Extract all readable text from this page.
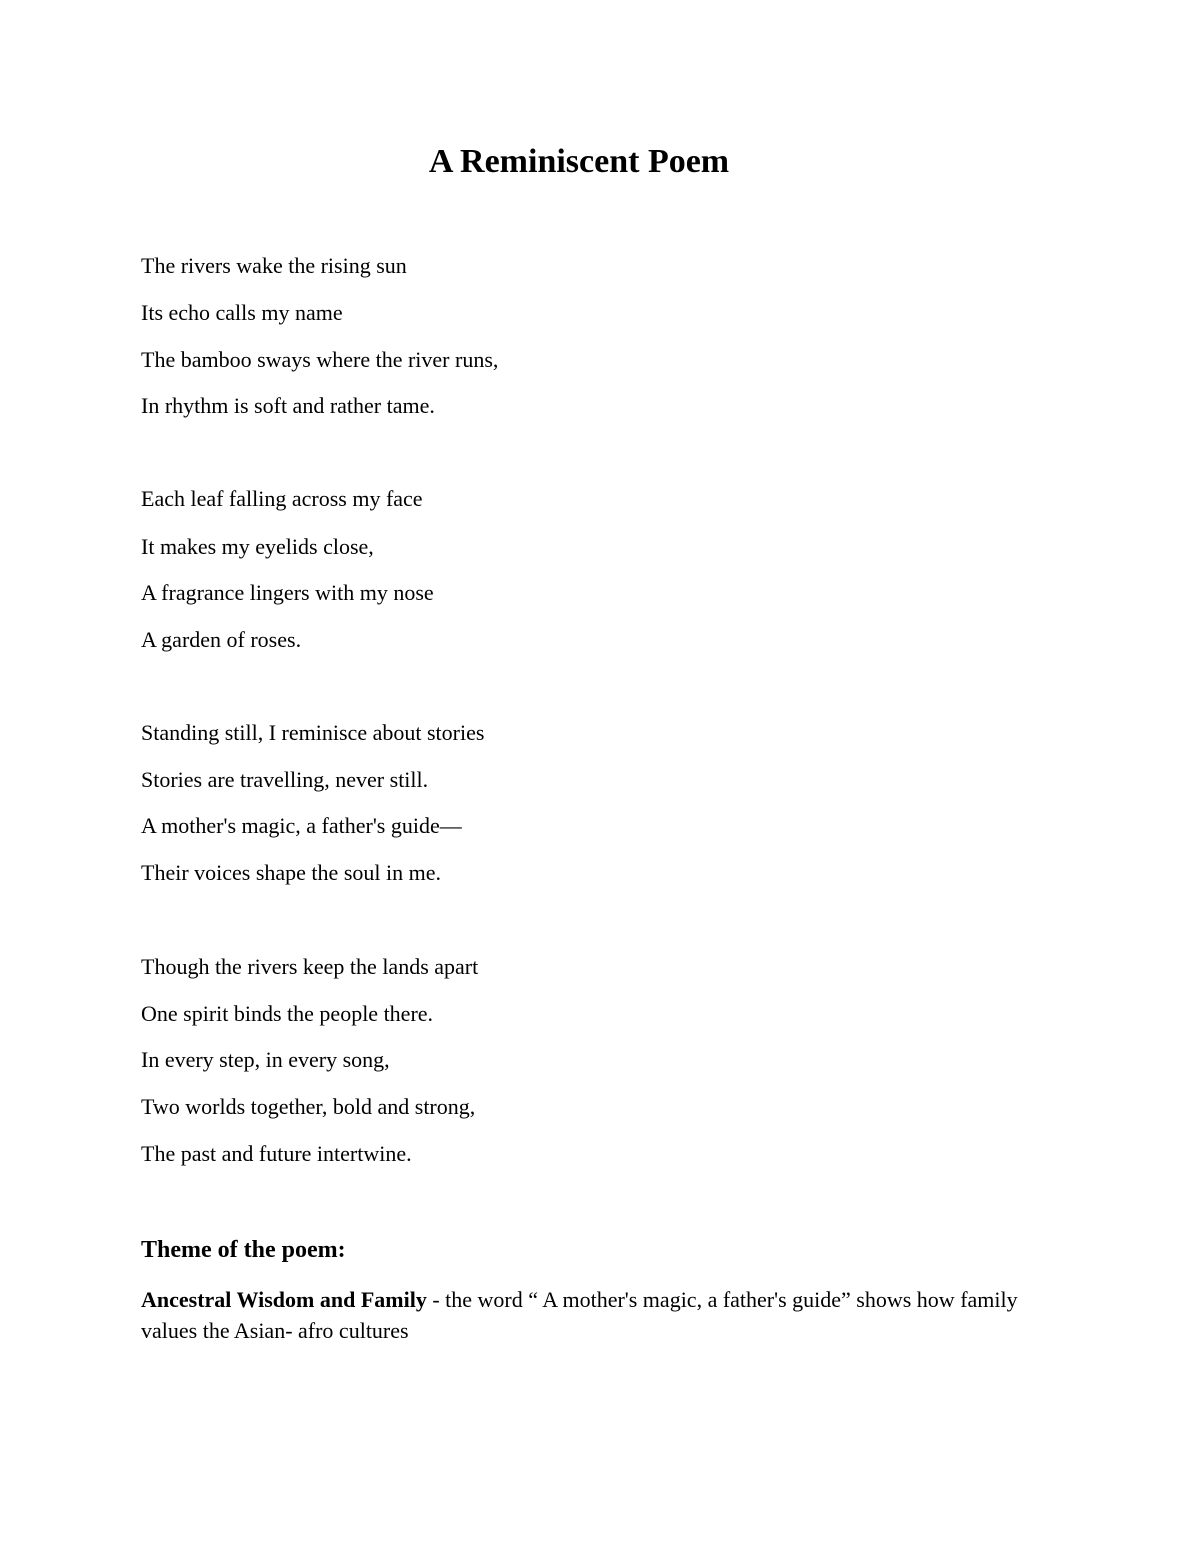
A Reminiscent Poem

The rivers wake the rising sun

Its echo calls my name

The bamboo sways where the river runs,

In rhythm is soft and rather tame.

Each leaf falling across my face

It makes my eyelids close,

A fragrance lingers with my nose

A garden of roses.

Standing still, I reminisce about stories

Stories are travelling, never still.

A mother's magic, a father's guide—

Their voices shape the soul in me.

Though the rivers keep the lands apart

One spirit binds the people there.

In every step, in every song,

Two worlds together, bold and strong,

The past and future intertwine.

Theme of the poem:

Ancestral Wisdom and Family - the word “ A mother's magic, a father's guide” shows how family values the Asian- afro cultures
